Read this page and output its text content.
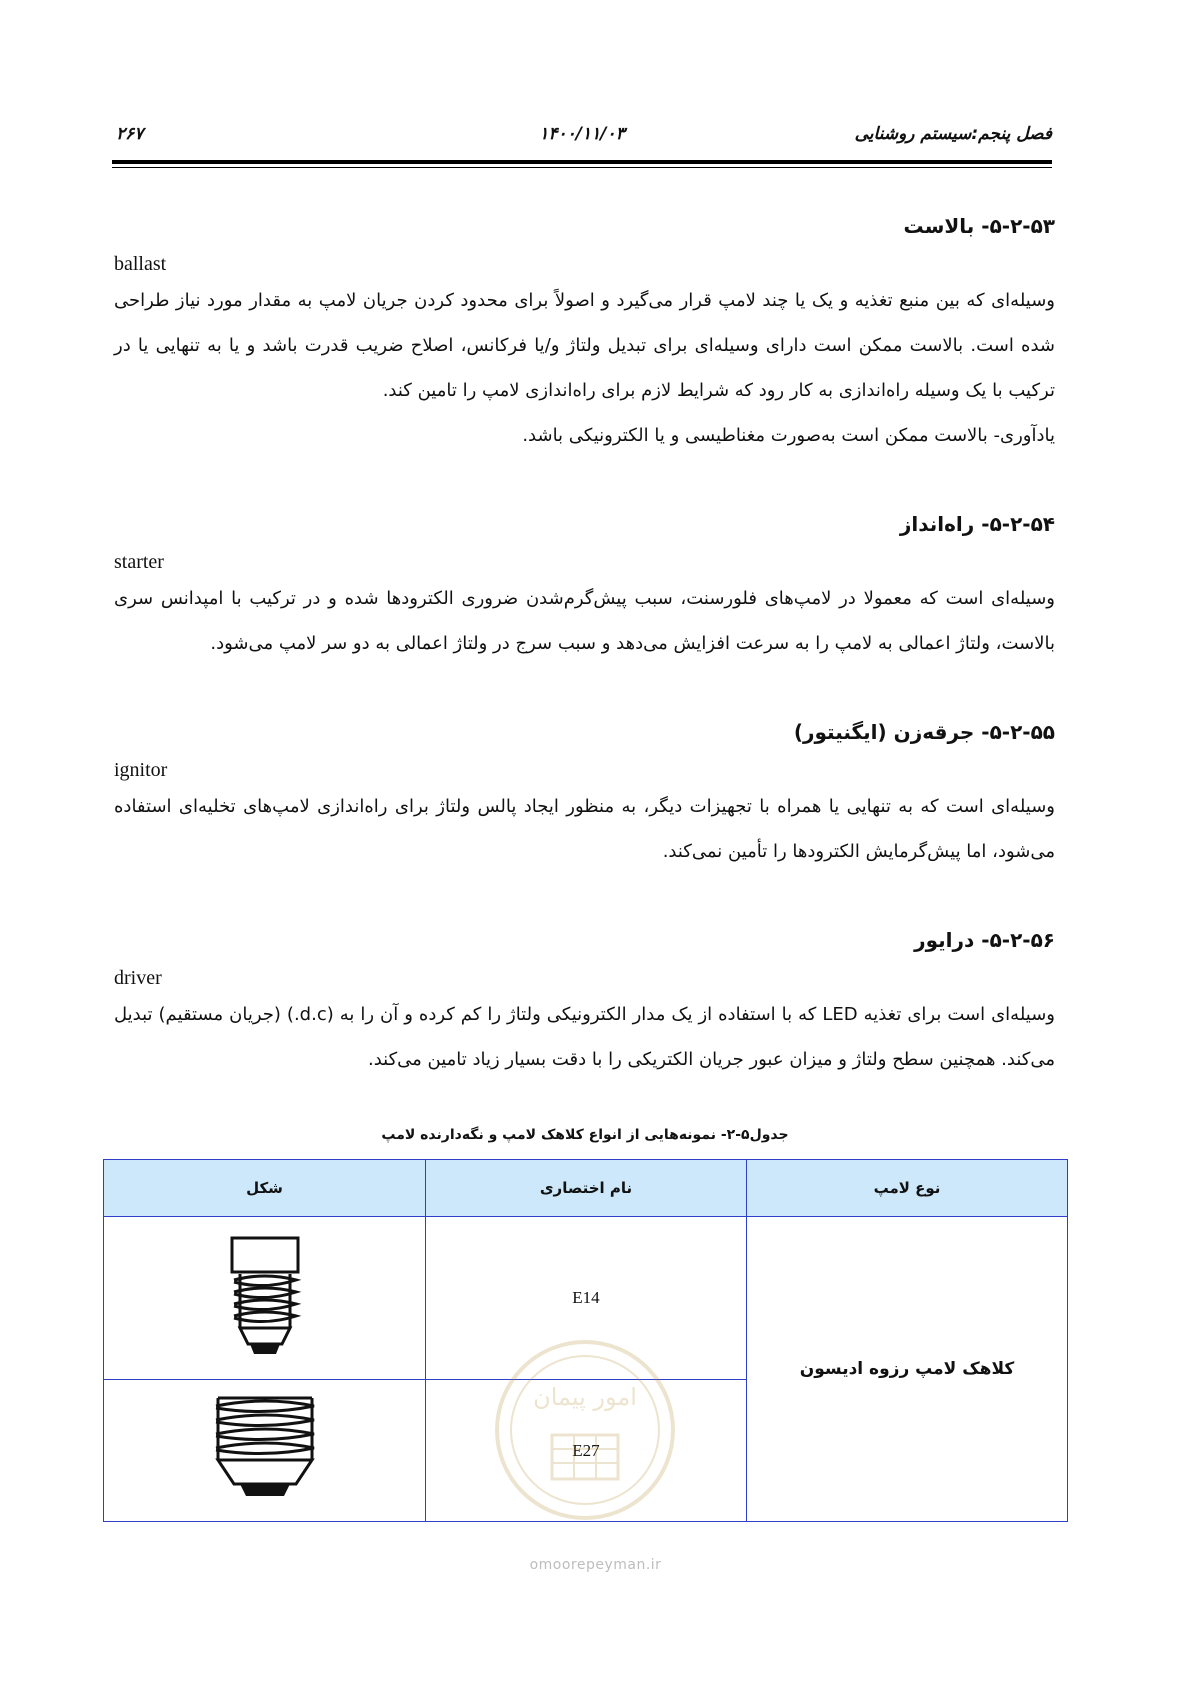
فصل پنجم:سیستم روشنایی
۱۴۰۰/۱۱/۰۳
۲۶۷
۵-۲-۵۳- بالاست
ballast

وسیله‌ای که بین منبع تغذیه و یک یا چند لامپ قرار می‌گیرد و اصولاً برای محدود کردن جریان لامپ به مقدار مورد نیاز طراحی شده است. بالاست ممکن است دارای وسیله‌ای برای تبدیل ولتاژ و/یا فرکانس، اصلاح ضریب قدرت باشد و یا به تنهایی یا در ترکیب با یک وسیله راه‌اندازی به کار رود که شرایط لازم برای راه‌اندازی لامپ را تامین کند.

یادآوری- بالاست ممکن است به‌صورت مغناطیسی و یا الکترونیکی باشد.

۵-۲-۵۴- راه‌انداز
starter

وسیله‌ای است که معمولا در لامپ‌های فلورسنت، سبب پیش‌گرم‌شدن ضروری الکترودها شده و در ترکیب با امپدانس سری بالاست، ولتاژ اعمالی به لامپ را به سرعت افزایش می‌دهد و سبب سرج در ولتاژ اعمالی به دو سر لامپ می‌شود.

۵-۲-۵۵- جرقه‌زن (ایگنیتور)
ignitor

وسیله‌ای است که به تنهایی یا همراه با تجهیزات دیگر، به منظور ایجاد پالس ولتاژ برای راه‌اندازی لامپ‌های تخلیه‌ای استفاده می‌شود، اما پیش‌گرمایش الکترودها را تأمین نمی‌کند.

۵-۲-۵۶- درایور
driver

وسیله‌ای است برای تغذیه LED که با استفاده از یک مدار الکترونیکی ولتاژ را کم کرده و آن را به (d.c.) (جریان مستقیم) تبدیل می‌کند. همچنین سطح ولتاژ و میزان عبور جریان الکتریکی را با دقت بسیار زیاد تامین می‌کند.

جدول۵-۲- نمونه‌هایی از انواع کلاهک لامپ و نگه‌دارنده لامپ
نوع لامپ	نام اختصاری	شکل
کلاهک لامپ رزوه ادیسون	E14	
	E27	
امور پیمان
omoorepeyman.ir
